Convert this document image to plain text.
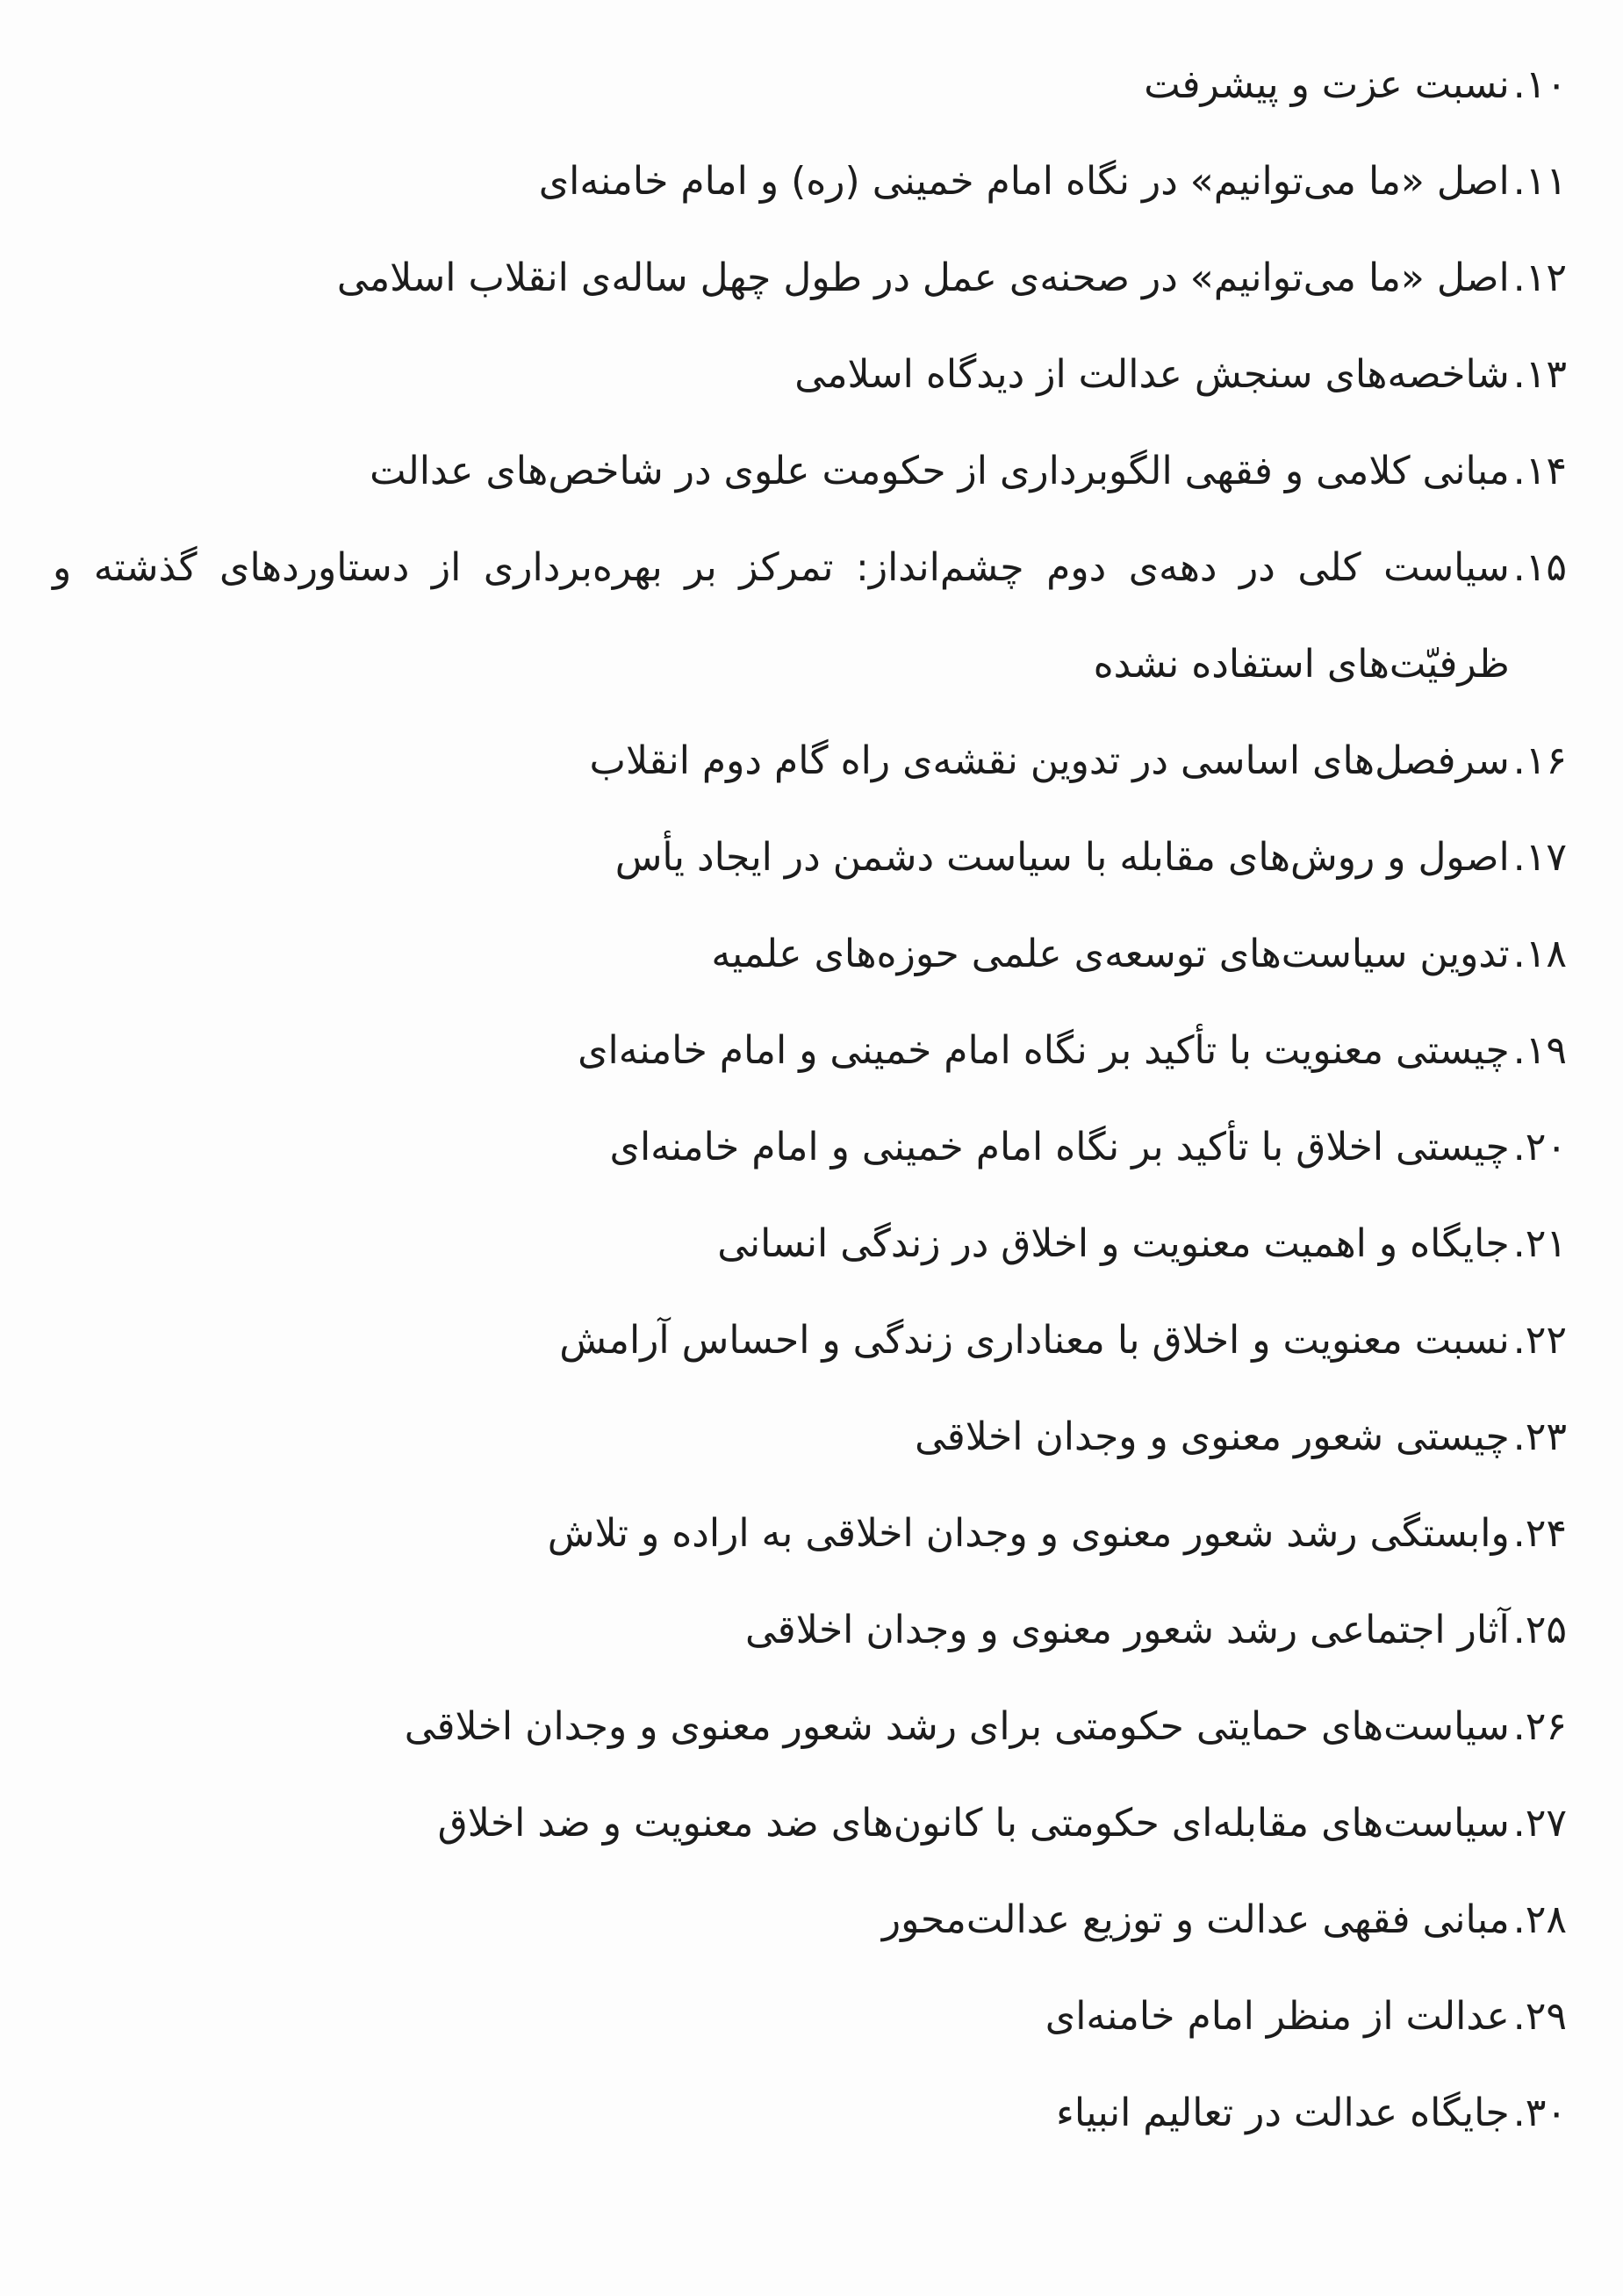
۱۰.
نسبت عزت و پیشرفت
۱۱.
اصل «ما می‌توانیم» در نگاه امام خمینی (ره) و امام خامنه‌ای
۱۲.
اصل «ما می‌توانیم» در صحنه‌ی عمل در طول چهل ساله‌ی انقلاب اسلامی
۱۳.
شاخصه‌های سنجش عدالت از دیدگاه اسلامی
۱۴.
مبانی کلامی و فقهی الگوبرداری از حکومت علوی در شاخص‌های عدالت
۱۵.
سیاست کلی در دهه‌ی دوم چشم‌انداز: تمرکز بر بهره‌برداری از دستاوردهای گذشته و ظرفیّت‌های استفاده نشده
۱۶.
سرفصل‌های اساسی در تدوین نقشه‌ی راه گام دوم انقلاب
۱۷.
اصول و روش‌های مقابله با سیاست دشمن در ایجاد یأس
۱۸.
تدوین سیاست‌های توسعه‌ی علمی حوزه‌های علمیه
۱۹.
چیستی معنویت با تأکید بر نگاه امام خمینی و امام خامنه‌ای
۲۰.
چیستی اخلاق با تأکید بر نگاه امام خمینی و امام خامنه‌ای
۲۱.
جایگاه و اهمیت معنویت و اخلاق در زندگی انسانی
۲۲.
نسبت معنویت و اخلاق با معناداری زندگی و احساس آرامش
۲۳.
چیستی شعور معنوی و وجدان اخلاقی
۲۴.
وابستگی رشد شعور معنوی و وجدان اخلاقی به اراده و تلاش
۲۵.
آثار اجتماعی رشد شعور معنوی و وجدان اخلاقی
۲۶.
سیاست‌های حمایتی حکومتی برای رشد شعور معنوی و وجدان اخلاقی
۲۷.
سیاست‌های مقابله‌ای حکومتی با کانون‌های ضد معنویت و ضد اخلاق
۲۸.
مبانی فقهی عدالت و توزیع عدالت‌محور
۲۹.
عدالت از منظر امام خامنه‌ای
۳۰.
جایگاه عدالت در تعالیم انبیاء
